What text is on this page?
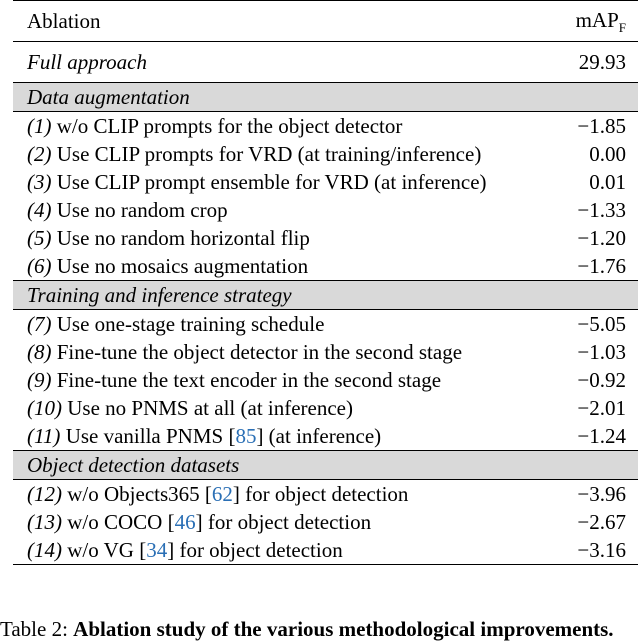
Ablation	mAP$_F$
Full approach	29.93
Data augmentation
(1) w/o CLIP prompts for the object detector	−1.85
(2) Use CLIP prompts for VRD (at training/inference)	0.00
(3) Use CLIP prompt ensemble for VRD (at inference)	0.01
(4) Use no random crop	−1.33
(5) Use no random horizontal flip	−1.20
(6) Use no mosaics augmentation	−1.76
Training and inference strategy
(7) Use one-stage training schedule	−5.05
(8) Fine-tune the object detector in the second stage	−1.03
(9) Fine-tune the text encoder in the second stage	−0.92
(10) Use no PNMS at all (at inference)	−2.01
(11) Use vanilla PNMS [85] (at inference)	−1.24
Object detection datasets
(12) w/o Objects365 [62] for object detection	−3.96
(13) w/o COCO [46] for object detection	−2.67
(14) w/o VG [34] for object detection	−3.16
Table 2: Ablation study of the various methodological improvements.
